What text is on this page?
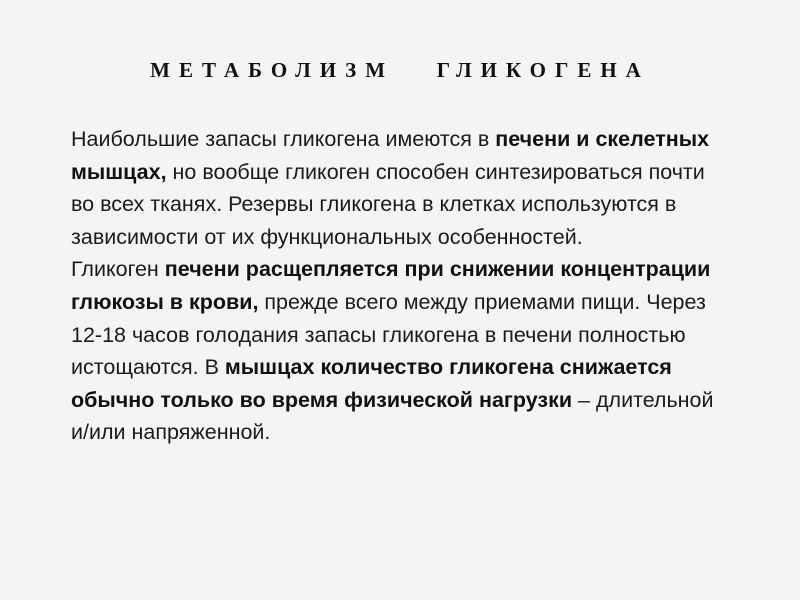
МЕТАБОЛИЗМ   ГЛИКОГЕНА

Наибольшие запасы гликогена имеются в печени и скелетных мышцах, но вообще гликоген способен синтезироваться почти во всех тканях. Резервы гликогена в клетках используются в зависимости от их функциональных особенностей.

Гликоген печени расщепляется при снижении концентрации глюкозы в крови, прежде всего между приемами пищи. Через 12-18 часов голодания запасы гликогена в печени полностью истощаются. В мышцах количество гликогена снижается обычно только во время физической нагрузки – длительной и/или напряженной.
